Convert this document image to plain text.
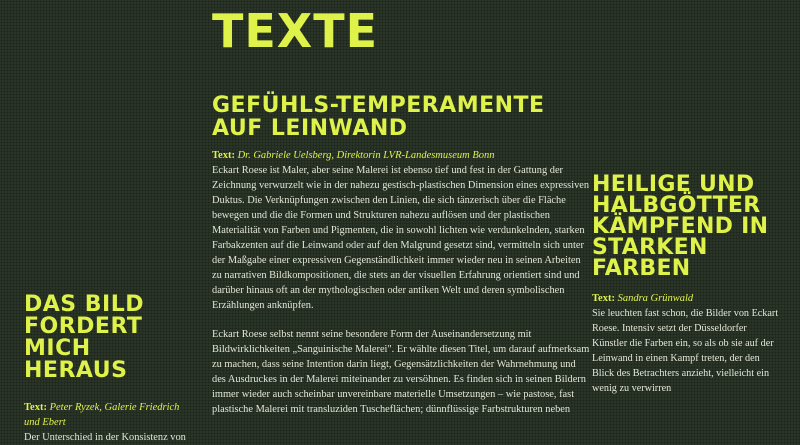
TEXTE
GEFÜHLS-TEMPERAMENTE AUF LEINWAND

Text: Dr. Gabriele Uelsberg, Direktorin LVR-Landesmuseum Bonn

Eckart Roese ist Maler, aber seine Malerei ist ebenso tief und fest in der Gattung der Zeichnung verwurzelt wie in der nahezu gestisch-plastischen Dimension eines expressiven Duktus. Die Verknüpfungen zwischen den Linien, die sich tänzerisch über die Fläche bewegen und die die Formen und Strukturen nahezu auflösen und der plastischen Materialität von Farben und Pigmenten, die in sowohl lichten wie verdunkelnden, starken Farbakzenten auf die Leinwand oder auf den Malgrund gesetzt sind, vermitteln sich unter der Maßgabe einer expressiven Gegenständlichkeit immer wieder neu in seinen Arbeiten zu narrativen Bildkompositionen, die stets an der visuellen Erfahrung orientiert sind und darüber hinaus oft an der mythologischen oder antiken Welt und deren symbolischen Erzählungen anknüpfen.

Eckart Roese selbst nennt seine besondere Form der Auseinandersetzung mit Bildwirklichkeiten „Sanguinische Malerei". Er wählte diesen Titel, um darauf aufmerksam zu machen, dass seine Intention darin liegt, Gegensätzlichkeiten der Wahrnehmung und des Ausdruckes in der Malerei miteinander zu versöhnen. Es finden sich in seinen Bildern immer wieder auch scheinbar unvereinbare materielle Umsetzungen – wie pastose, fast plastische Malerei mit transluziden Tuscheflächen; dünnflüssige Farbstrukturen neben

DAS BILD FORDERT MICH HERAUS

Text: Peter Ryzek, Galerie Friedrich und Ebert

Der Unterschied in der Konsistenz von

HEILIGE UND HALBGÖTTER KÄMPFEND IN STARKEN FARBEN

Text: Sandra Grünwald

Sie leuchten fast schon, die Bilder von Eckart Roese. Intensiv setzt der Düsseldorfer Künstler die Farben ein, so als ob sie auf der Leinwand in einen Kampf treten, der den Blick des Betrachters anzieht, vielleicht ein wenig zu verwirren
